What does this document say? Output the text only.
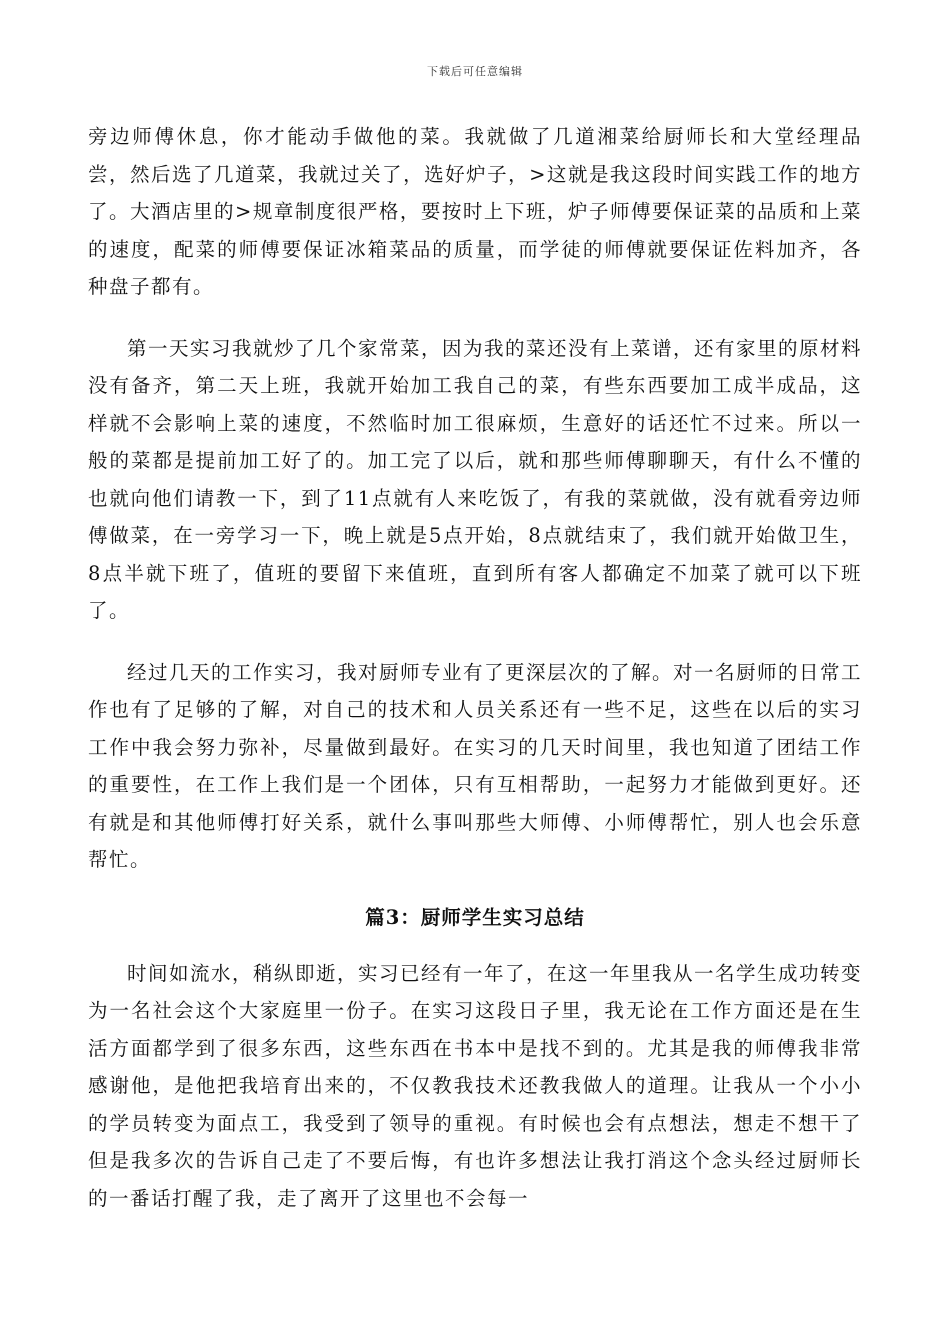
下载后可任意编辑

旁边师傅休息，你才能动手做他的菜。我就做了几道湘菜给厨师长和大堂经理品尝，然后选了几道菜，我就过关了，选好炉子，>这就是我这段时间实践工作的地方了。大酒店里的>规章制度很严格，要按时上下班，炉子师傅要保证菜的品质和上菜的速度，配菜的师傅要保证冰箱菜品的质量，而学徒的师傅就要保证佐料加齐，各种盘子都有。

第一天实习我就炒了几个家常菜，因为我的菜还没有上菜谱，还有家里的原材料没有备齐，第二天上班，我就开始加工我自己的菜，有些东西要加工成半成品，这样就不会影响上菜的速度，不然临时加工很麻烦，生意好的话还忙不过来。所以一般的菜都是提前加工好了的。加工完了以后，就和那些师傅聊聊天，有什么不懂的也就向他们请教一下，到了11点就有人来吃饭了，有我的菜就做，没有就看旁边师傅做菜，在一旁学习一下，晚上就是5点开始，8点就结束了，我们就开始做卫生，8点半就下班了，值班的要留下来值班，直到所有客人都确定不加菜了就可以下班了。

经过几天的工作实习，我对厨师专业有了更深层次的了解。对一名厨师的日常工作也有了足够的了解，对自己的技术和人员关系还有一些不足，这些在以后的实习工作中我会努力弥补，尽量做到最好。在实习的几天时间里，我也知道了团结工作的重要性，在工作上我们是一个团体，只有互相帮助，一起努力才能做到更好。还有就是和其他师傅打好关系，就什么事叫那些大师傅、小师傅帮忙，别人也会乐意帮忙。

篇3：厨师学生实习总结

时间如流水，稍纵即逝，实习已经有一年了，在这一年里我从一名学生成功转变为一名社会这个大家庭里一份子。在实习这段日子里，我无论在工作方面还是在生活方面都学到了很多东西，这些东西在书本中是找不到的。尤其是我的师傅我非常感谢他，是他把我培育出来的，不仅教我技术还教我做人的道理。让我从一个小小的学员转变为面点工，我受到了领导的重视。有时候也会有点想法，想走不想干了但是我多次的告诉自己走了不要后悔，有也许多想法让我打消这个念头经过厨师长的一番话打醒了我，走了离开了这里也不会每一
